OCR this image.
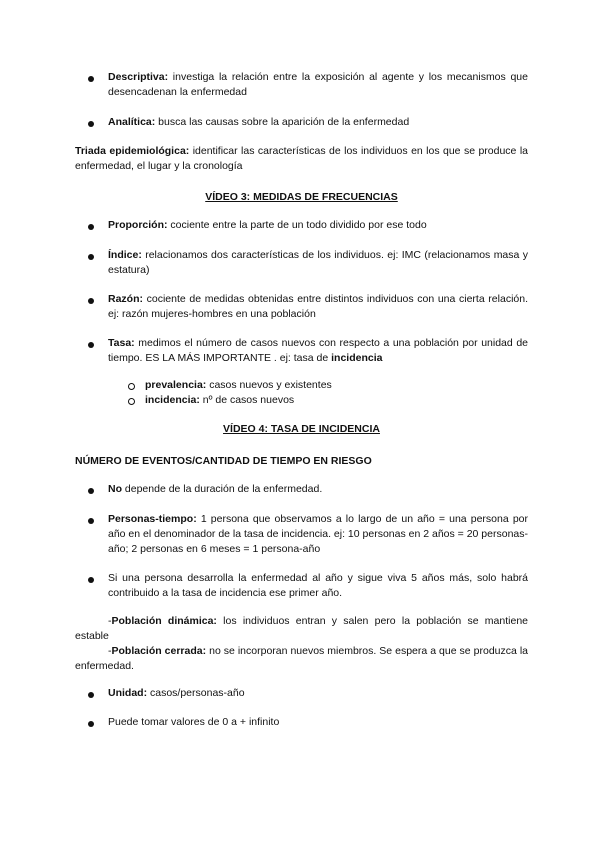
Descriptiva: investiga la relación entre la exposición al agente y los mecanismos que desencadenan la enfermedad
Analítica: busca las causas sobre la aparición de la enfermedad
Triada epidemiológica: identificar las características de los individuos en los que se produce la enfermedad, el lugar y la cronología
VÍDEO 3: MEDIDAS DE FRECUENCIAS
Proporción: cociente entre la parte de un todo dividido por ese todo
Índice: relacionamos dos características de los individuos. ej: IMC (relacionamos masa y estatura)
Razón: cociente de medidas obtenidas entre distintos individuos con una cierta relación. ej: razón mujeres-hombres en una población
Tasa: medimos el número de casos nuevos con respecto a una población por unidad de tiempo. ES LA MÁS IMPORTANTE . ej: tasa de incidencia
prevalencia: casos nuevos y existentes
incidencia: nº de casos nuevos
VÍDEO 4: TASA DE INCIDENCIA
NÚMERO DE EVENTOS/CANTIDAD DE TIEMPO EN RIESGO
No depende de la duración de la enfermedad.
Personas-tiempo: 1 persona que observamos a lo largo de un año = una persona por año en el denominador de la tasa de incidencia. ej: 10 personas en 2 años = 20 personas-año; 2 personas en 6 meses = 1 persona-año
Si una persona desarrolla la enfermedad al año y sigue viva 5 años más, solo habrá contribuido a la tasa de incidencia ese primer año.
-Población dinámica: los individuos entran y salen pero la población se mantiene estable
-Población cerrada: no se incorporan nuevos miembros. Se espera a que se produzca la enfermedad.
Unidad: casos/personas-año
Puede tomar valores de 0 a + infinito
